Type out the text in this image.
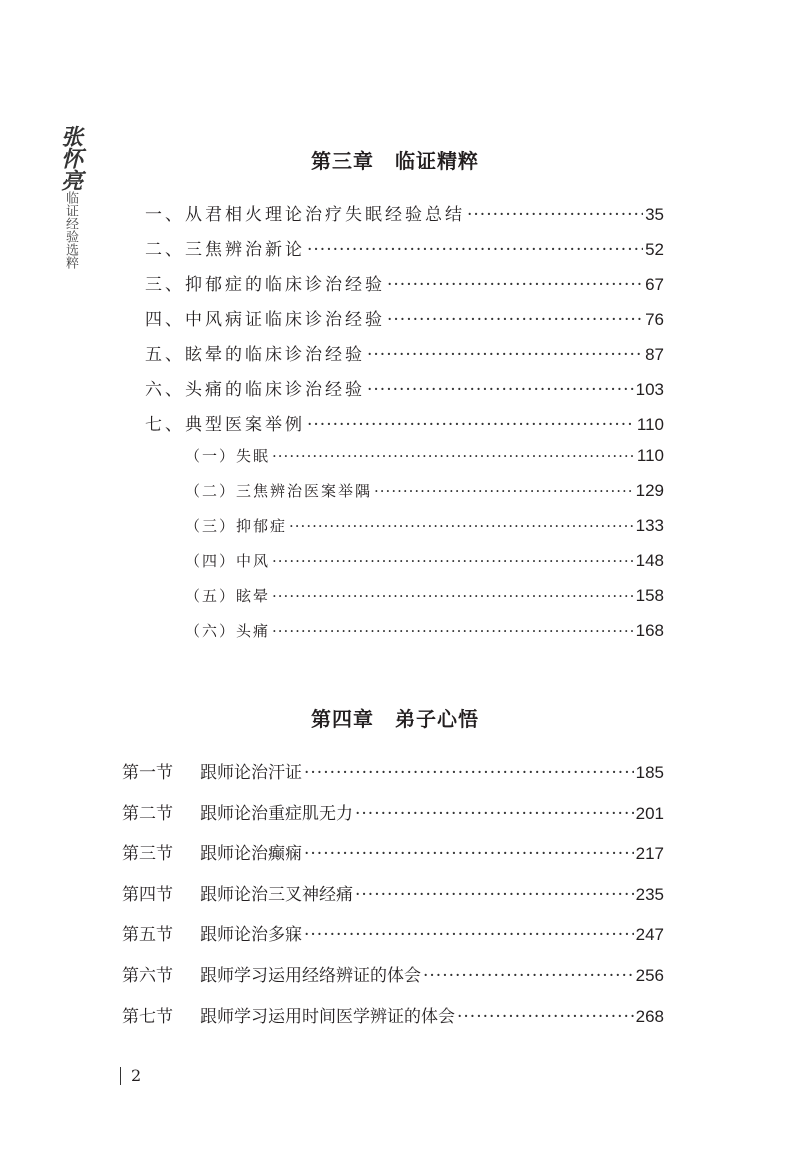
张怀亮
临证经验选粹
第三章　临证精粹
一、从君相火理论治疗失眠经验总结 ·····	35
二、三焦辨治新论 ·····	52
三、抑郁症的临床诊治经验 ·····	67
四、中风病证临床诊治经验 ·····	76
五、眩晕的临床诊治经验 ·····	87
六、头痛的临床诊治经验 ·····	103
七、典型医案举例 ·····	110
（一）失眠 ·····	110
（二）三焦辨治医案举隅 ·····	129
（三）抑郁症 ·····	133
（四）中风 ·····	148
（五）眩晕 ·····	158
（六）头痛 ·····	168
第四章　弟子心悟
第一节	跟师论治汗证 ·····	185
第二节	跟师论治重症肌无力 ·····	201
第三节	跟师论治癫痫 ·····	217
第四节	跟师论治三叉神经痛 ·····	235
第五节	跟师论治多寐 ·····	247
第六节	跟师学习运用经络辨证的体会 ·····	256
第七节	跟师学习运用时间医学辨证的体会 ·····	268
2
